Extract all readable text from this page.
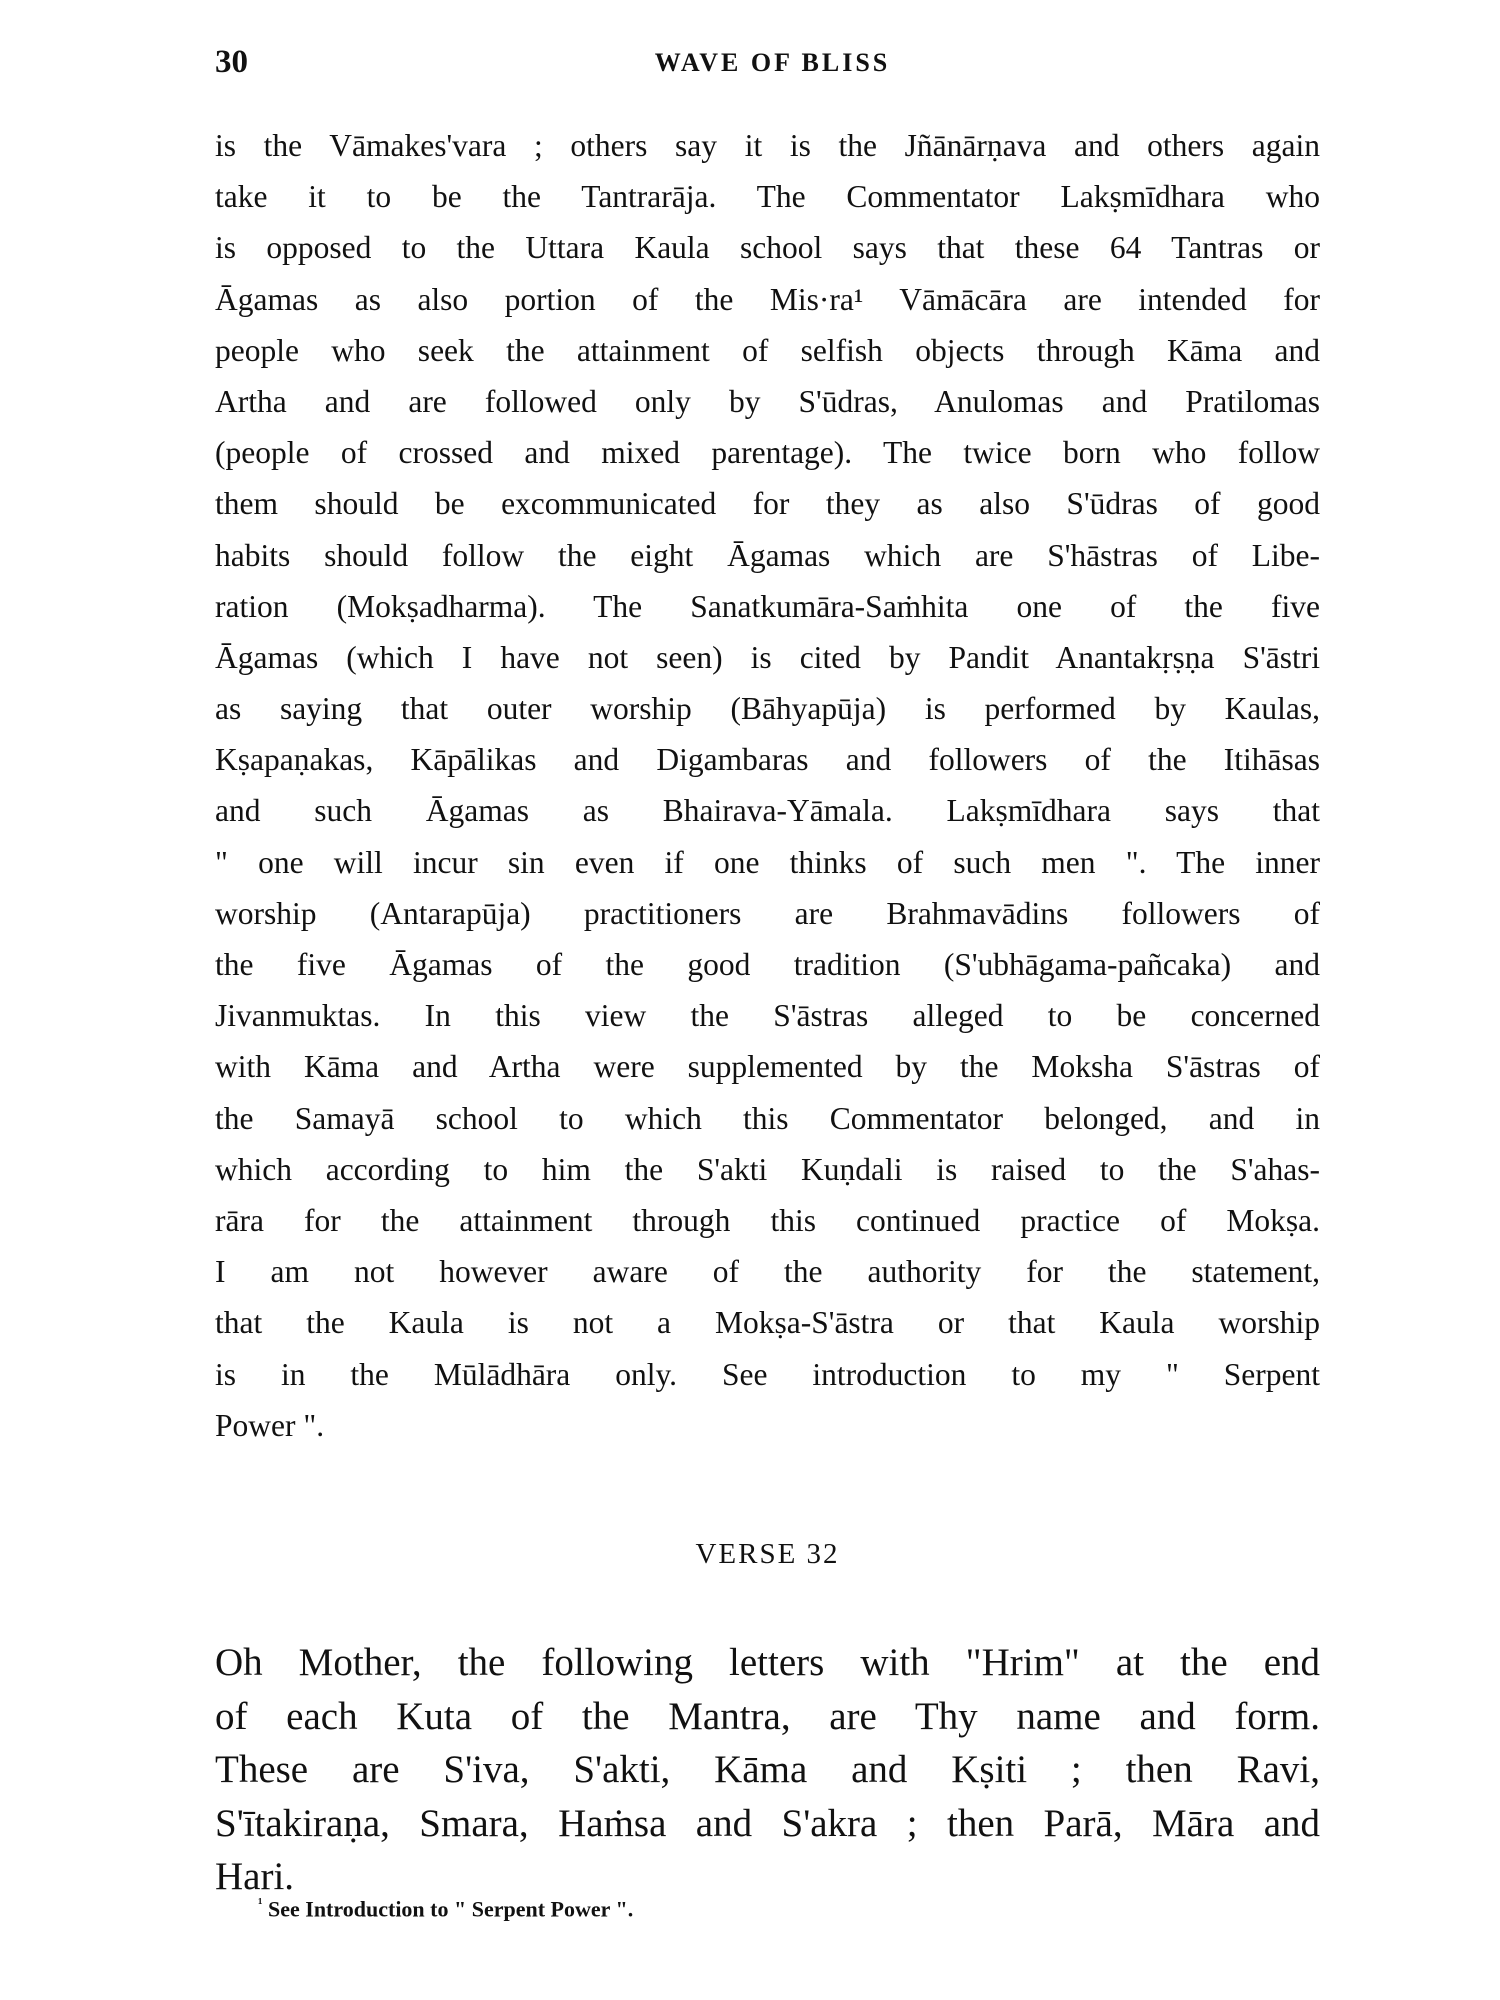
30	WAVE OF BLISS
is the Vāmakes'vara ; others say it is the Jñānārṇava and others again
take it to be the Tantrarāja. The Commentator Lakṣmīdhara who
is opposed to the Uttara Kaula school says that these 64 Tantras or
Āgamas as also portion of the Mis·ra¹ Vāmācāra are intended for
people who seek the attainment of selfish objects through Kāma and
Artha and are followed only by S'ūdras, Anulomas and Pratilomas
(people of crossed and mixed parentage). The twice born who follow
them should be excommunicated for they as also S'ūdras of good
habits should follow the eight Āgamas which are S'hāstras of Libe-
ration (Mokṣadharma). The Sanatkumāra-Saṁhita one of the five
Āgamas (which I have not seen) is cited by Pandit Anantakṛṣṇa S'āstri
as saying that outer worship (Bāhyapūja) is performed by Kaulas,
Kṣapaṇakas, Kāpālikas and Digambaras and followers of the Itihāsas
and such Āgamas as Bhairava-Yāmala. Lakṣmīdhara says that
" one will incur sin even if one thinks of such men ". The inner
worship (Antarapūja) practitioners are Brahmavādins followers of
the five Āgamas of the good tradition (S'ubhāgama-pañcaka) and
Jivanmuktas. In this view the S'āstras alleged to be concerned
with Kāma and Artha were supplemented by the Moksha S'āstras of
the Samayā school to which this Commentator belonged, and in
which according to him the S'akti Kuṇdali is raised to the S'ahas-
rāra for the attainment through this continued practice of Mokṣa.
I am not however aware of the authority for the statement,
that the Kaula is not a Mokṣa-S'āstra or that Kaula worship
is in the Mūlādhāra only. See introduction to my " Serpent
Power ".
VERSE 32
Oh Mother, the following letters with "Hrim" at the end
of each Kuta of the Mantra, are Thy name and form.
These are S'iva, S'akti, Kāma and Kṣiti ; then Ravi,
S'ītakiraṇa, Smara, Haṁsa and S'akra ; then Parā, Māra and
Hari.
$^{^1}$ See Introduction to " Serpent Power ".
